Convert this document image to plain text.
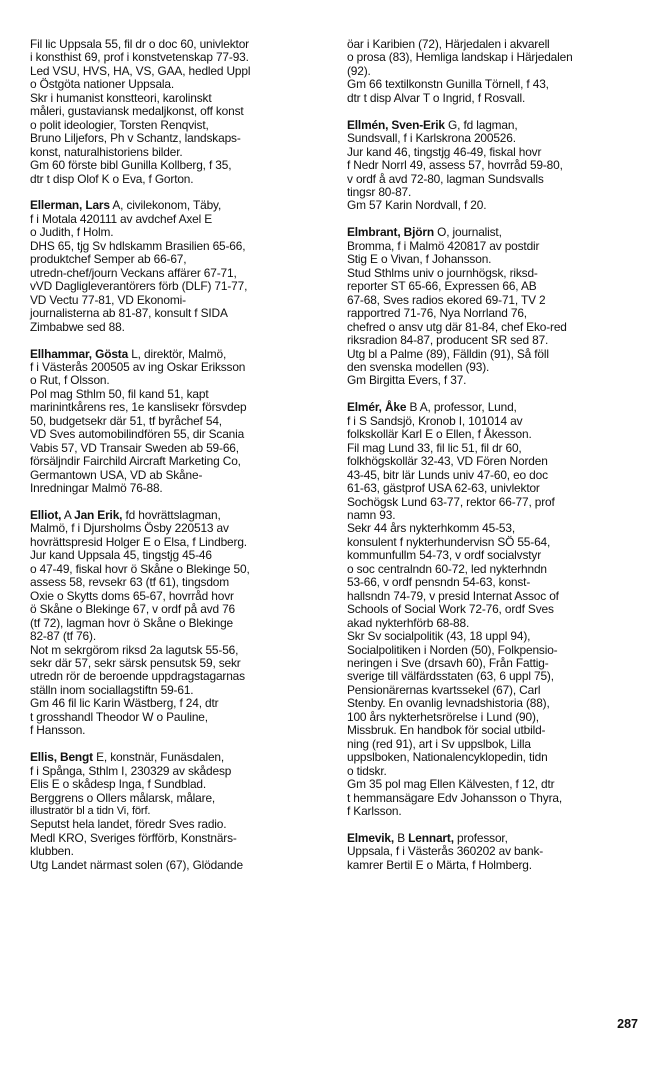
Fil lic Uppsala 55, fil dr o doc 60, univlektor
i konsthist 69, prof i konstvetenskap 77-93.
Led VSU, HVS, HA, VS, GAA, hedled Uppl
o Östgöta nationer Uppsala.
Skr i humanist konstteori, karolinskt
måleri, gustaviansk medaljkonst, off konst
o polit ideologier, Torsten Renqvist,
Bruno Liljefors, Ph v Schantz, landskaps-
konst, naturalhistoriens bilder.
Gm 60 förste bibl Gunilla Kollberg, f 35,
dtr t disp Olof K o Eva, f Gorton.
Ellerman, Lars A, civilekonom, Täby,
f i Motala 420111 av avdchef Axel E
o Judith, f Holm.
DHS 65, tjg Sv hdlskamm Brasilien 65-66,
produktchef Semper ab 66-67,
utredn-chef/journ Veckans affärer 67-71,
vVD Dagligleverantörers förb (DLF) 71-77,
VD Vectu 77-81, VD Ekonomi-
journalisterna ab 81-87, konsult f SIDA
Zimbabwe sed 88.
Ellhammar, Gösta L, direktör, Malmö,
f i Västerås 200505 av ing Oskar Eriksson
o Rut, f Olsson.
Pol mag Sthlm 50, fil kand 51, kapt
marinintkårens res, 1e kanslisekr försvdep
50, budgetsekr där 51, tf byråchef 54,
VD Sves automobilindfören 55, dir Scania
Vabis 57, VD Transair Sweden ab 59-66,
försäljndir Fairchild Aircraft Marketing Co,
Germantown USA, VD ab Skåne-
Inredningar Malmö 76-88.
Elliot, A Jan Erik, fd hovrättslagman,
Malmö, f i Djursholms Ösby 220513 av
hovrättspresid Holger E o Elsa, f Lindberg.
Jur kand Uppsala 45, tingstjg 45-46
o 47-49, fiskal hovr ö Skåne o Blekinge 50,
assess 58, revsekr 63 (tf 61), tingsdom
Oxie o Skytts doms 65-67, hovrråd hovr
ö Skåne o Blekinge 67, v ordf på avd 76
(tf 72), lagman hovr ö Skåne o Blekinge
82-87 (tf 76).
Not m sekrgörom riksd 2a lagutsk 55-56,
sekr där 57, sekr särsk pensutsk 59, sekr
utredn rör de beroende uppdragstagarnas
ställn inom sociallagstiftn 59-61.
Gm 46 fil lic Karin Wästberg, f 24, dtr
t grosshandl Theodor W o Pauline,
f Hansson.
Ellis, Bengt E, konstnär, Funäsdalen,
f i Spånga, Sthlm I, 230329 av skådesp
Elis E o skådesp Inga, f Sundblad.
Berggrens o Ollers målarsk, målare,
illustratör bl a tidn Vi, förf.
Seputst hela landet, föredr Sves radio.
Medl KRO, Sveriges förfförb, Konstnärs-
klubben.
Utg Landet närmast solen (67), Glödande
öar i Karibien (72), Härjedalen i akvarell
o prosa (83), Hemliga landskap i Härjedalen
(92).
Gm 66 textilkonstn Gunilla Törnell, f 43,
dtr t disp Alvar T o Ingrid, f Rosvall.
Ellmén, Sven-Erik G, fd lagman,
Sundsvall, f i Karlskrona 200526.
Jur kand 46, tingstjg 46-49, fiskal hovr
f Nedr Norrl 49, assess 57, hovrråd 59-80,
v ordf å avd 72-80, lagman Sundsvalls
tingsr 80-87.
Gm 57 Karin Nordvall, f 20.
Elmbrant, Björn O, journalist,
Bromma, f i Malmö 420817 av postdir
Stig E o Vivan, f Johansson.
Stud Sthlms univ o journhögsk, riksd-
reporter ST 65-66, Expressen 66, AB
67-68, Sves radios ekored 69-71, TV 2
rapportred 71-76, Nya Norrland 76,
chefred o ansv utg där 81-84, chef Eko-red
riksradion 84-87, producent SR sed 87.
Utg bl a Palme (89), Fälldin (91), Så föll
den svenska modellen (93).
Gm Birgitta Evers, f 37.
Elmér, Åke B A, professor, Lund,
f i S Sandsjö, Kronob I, 101014 av
folkskollär Karl E o Ellen, f Åkesson.
Fil mag Lund 33, fil lic 51, fil dr 60,
folkhögskollär 32-43, VD Fören Norden
43-45, bitr lär Lunds univ 47-60, eo doc
61-63, gästprof USA 62-63, univlektor
Sochögsk Lund 63-77, rektor 66-77, prof
namn 93.
Sekr 44 års nykterhkomm 45-53,
konsulent f nykterhundervisn SÖ 55-64,
kommunfullm 54-73, v ordf socialvstyr
o soc centralndn 60-72, led nykterhndn
53-66, v ordf pensndn 54-63, konst-
hallsndn 74-79, v presid Internat Assoc of
Schools of Social Work 72-76, ordf Sves
akad nykterhförb 68-88.
Skr Sv socialpolitik (43, 18 uppl 94),
Socialpolitiken i Norden (50), Folkpensio-
neringen i Sve (drsavh 60), Från Fattig-
sverige till välfärdsstaten (63, 6 uppl 75),
Pensionärernas kvartssekel (67), Carl
Stenby. En ovanlig levnadshistoria (88),
100 års nykterhetsrörelse i Lund (90),
Missbruk. En handbok för social utbild-
ning (red 91), art i Sv uppslbok, Lilla
uppslboken, Nationalencyklopedin, tidn
o tidskr.
Gm 35 pol mag Ellen Kälvesten, f 12, dtr
t hemmansägare Edv Johansson o Thyra,
f Karlsson.
Elmevik, B Lennart, professor,
Uppsala, f i Västerås 360202 av bank-
kamrer Bertil E o Märta, f Holmberg.
287
